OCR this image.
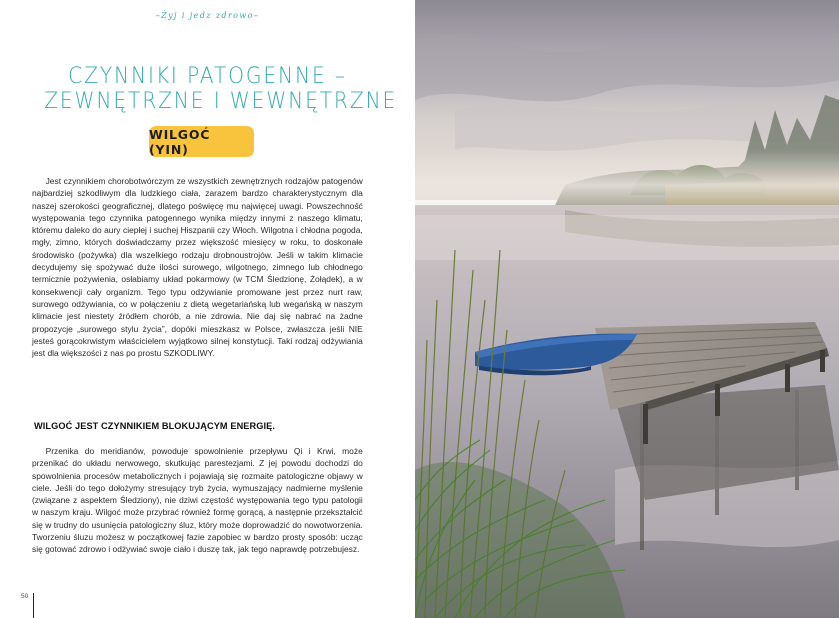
–Żyj i jedz zdrowo–
CZYNNIKI PATOGENNE –
ZEWNĘTRZNE I WEWNĘTRZNE
WILGOĆ (YIN)

Jest czynnikiem chorobotwórczym ze wszystkich zewnętrznych rodzajów patogenów najbardziej szkodliwym dla ludzkiego ciała, zarazem bardzo charakterystycznym dla naszej szerokości geograficznej, dlatego poświęcę mu najwięcej uwagi. Powszechność występowania tego czynnika patogennego wynika między innymi z naszego klimatu, któremu daleko do aury ciepłej i suchej Hiszpanii czy Włoch. Wilgotna i chłodna pogoda, mgły, zimno, których doświadczamy przez większość miesięcy w roku, to doskonałe środowisko (pożywka) dla wszelkiego rodzaju drobnoustrojów. Jeśli w takim klimacie decydujemy się spożywać duże ilości surowego, wilgotnego, zimnego lub chłodnego termicznie pożywienia, osłabiamy układ pokarmowy (w TCM Śledzionę, Żołądek), a w konsekwencji cały organizm. Tego typu odżywianie promowane jest przez nurt raw, surowego odżywiania, co w połączeniu z dietą wegetariańską lub wegańską w naszym klimacie jest niestety źródłem chorób, a nie zdrowia. Nie daj się nabrać na żadne propozycje „surowego stylu życia”, dopóki mieszkasz w Polsce, zwłaszcza jeśli NIE jesteś gorącokrwistym właścicielem wyjątkowo silnej konstytucji. Taki rodzaj odżywiania jest dla większości z nas po prostu SZKODLIWY.

WILGOĆ JEST CZYNNIKIEM BLOKUJĄCYM ENERGIĘ.

Przenika do meridianów, powoduje spowolnienie przepływu Qi i Krwi, może przenikać do układu nerwowego, skutkując parestezjami. Z jej powodu dochodzi do spowolnienia procesów metabolicznych i pojawiają się rozmaite patologiczne objawy w ciele. Jeśli do tego dołożymy stresujący tryb życia, wymuszający nadmierne myślenie (związane z aspektem Śledziony), nie dziwi częstość występowania tego typu patologii w naszym kraju. Wilgoć może przybrać również formę gorącą, a następnie przekształcić się w trudny do usunięcia patologiczny śluz, który może doprowadzić do nowotworzenia. Tworzeniu śluzu możesz w początkowej fazie zapobiec w bardzo prosty sposób: ucząc się gotować zdrowo i odżywiać swoje ciało i duszę tak, jak tego naprawdę potrzebujesz.

50
